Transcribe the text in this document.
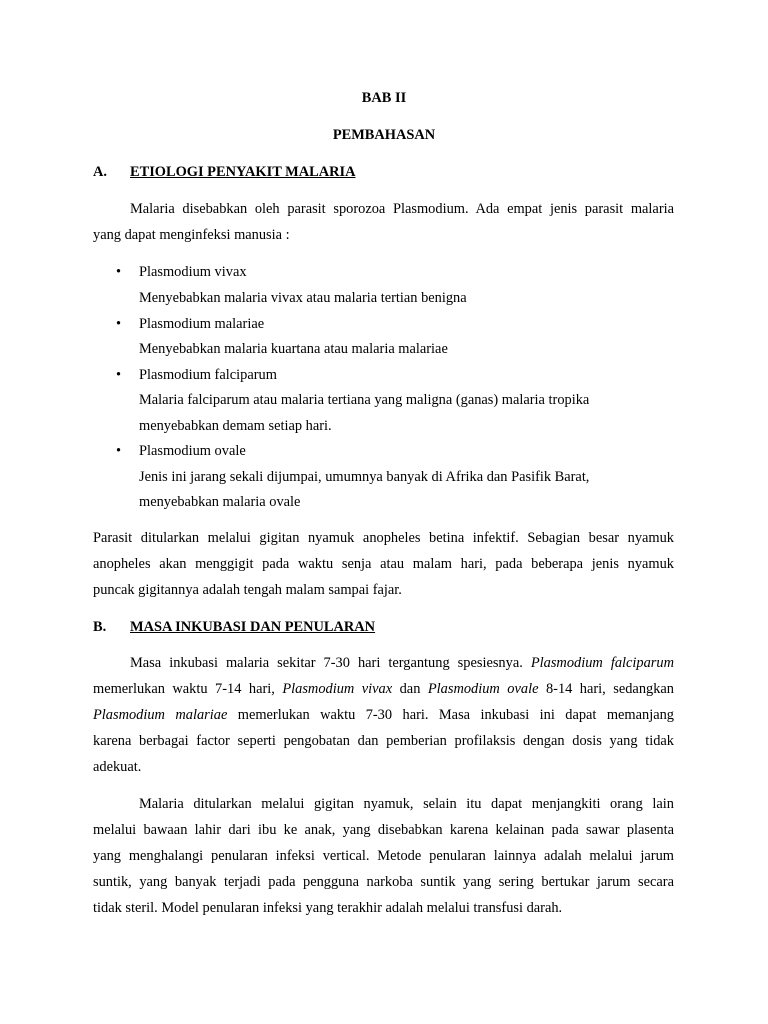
BAB II
PEMBAHASAN
A. ETIOLOGI PENYAKIT MALARIA
Malaria disebabkan oleh parasit sporozoa Plasmodium. Ada empat jenis parasit malaria
yang dapat menginfeksi manusia :
• Plasmodium vivax
Menyebabkan malaria vivax atau malaria tertian benigna
• Plasmodium malariae
Menyebabkan malaria kuartana atau malaria malariae
• Plasmodium falciparum
Malaria falciparum atau malaria tertiana yang maligna (ganas) malaria tropika
menyebabkan demam setiap hari.
• Plasmodium ovale
Jenis ini jarang sekali dijumpai, umumnya banyak di Afrika dan Pasifik Barat,
menyebabkan malaria ovale
Parasit ditularkan melalui gigitan nyamuk anopheles betina infektif. Sebagian besar nyamuk
anopheles akan menggigit pada waktu senja atau malam hari, pada beberapa jenis nyamuk
puncak gigitannya adalah tengah malam sampai fajar.
B. MASA INKUBASI DAN PENULARAN
Masa inkubasi malaria sekitar 7-30 hari tergantung spesiesnya. Plasmodium falciparum
memerlukan waktu 7-14 hari, Plasmodium vivax dan Plasmodium ovale 8-14 hari, sedangkan
Plasmodium malariae memerlukan waktu 7-30 hari. Masa inkubasi ini dapat memanjang
karena berbagai factor seperti pengobatan dan pemberian profilaksis dengan dosis yang tidak
adekuat.
Malaria ditularkan melalui gigitan nyamuk, selain itu dapat menjangkiti orang lain
melalui bawaan lahir dari ibu ke anak, yang disebabkan karena kelainan pada sawar plasenta
yang menghalangi penularan infeksi vertical. Metode penularan lainnya adalah melalui jarum
suntik, yang banyak terjadi pada pengguna narkoba suntik yang sering bertukar jarum secara
tidak steril. Model penularan infeksi yang terakhir adalah melalui transfusi darah.
